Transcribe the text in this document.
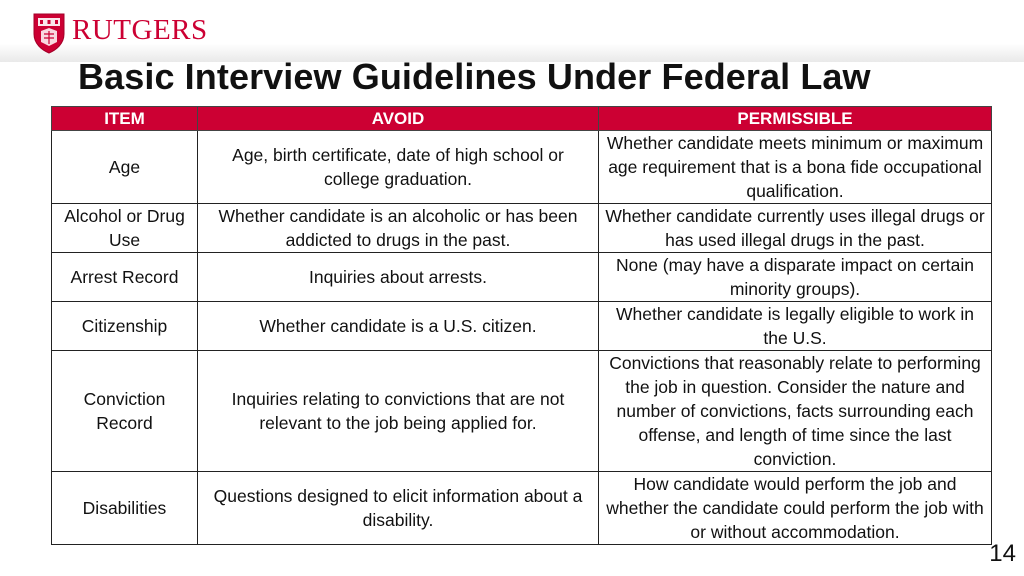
RUTGERS
Basic Interview Guidelines Under Federal Law
ITEM	AVOID	PERMISSIBLE
Age	Age, birth certificate, date of high school or college graduation.	Whether candidate meets minimum or maximum age requirement that is a bona fide occupational qualification.
Alcohol or Drug Use	Whether candidate is an alcoholic or has been addicted to drugs in the past.	Whether candidate currently uses illegal drugs or has used illegal drugs in the past.
Arrest Record	Inquiries about arrests.	None (may have a disparate impact on certain minority groups).
Citizenship	Whether candidate is a U.S. citizen.	Whether candidate is legally eligible to work in the U.S.
Conviction Record	Inquiries relating to convictions that are not relevant to the job being applied for.	Convictions that reasonably relate to performing the job in question. Consider the nature and number of convictions, facts surrounding each offense, and length of time since the last conviction.
Disabilities	Questions designed to elicit information about a disability.	How candidate would perform the job and whether the candidate could perform the job with or without accommodation.
14
